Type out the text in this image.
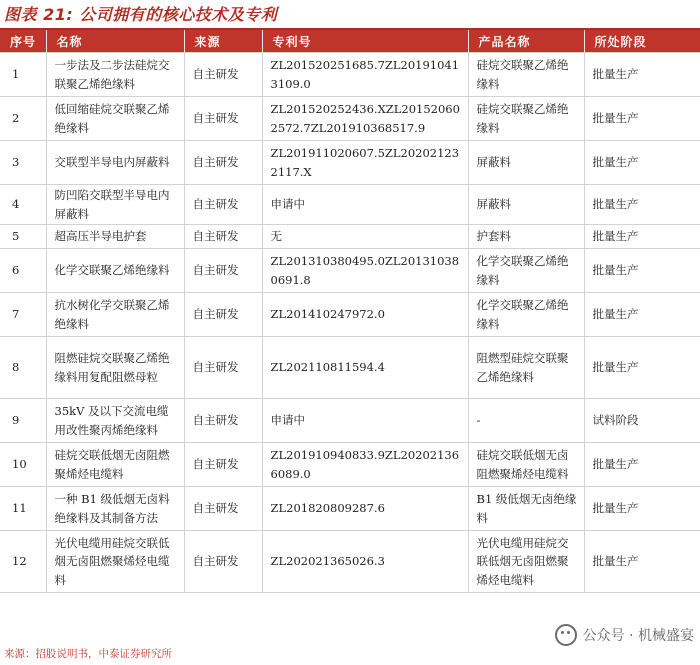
图表 21: 公司拥有的核心技术及专利
序号	名称	来源	专利号	产品名称	所处阶段
1	一步法及二步法硅烷交联聚乙烯绝缘料	自主研发	ZL201520251685.7ZL201910413109.0	硅烷交联聚乙烯绝缘料	批量生产
2	低回缩硅烷交联聚乙烯绝缘料	自主研发	ZL201520252436.XZL201520602572.7ZL201910368517.9	硅烷交联聚乙烯绝缘料	批量生产
3	交联型半导电内屏蔽料	自主研发	ZL201911020607.5ZL202021232117.X	屏蔽料	批量生产
4	防凹陷交联型半导电内屏蔽料	自主研发	申请中	屏蔽料	批量生产
5	超高压半导电护套	自主研发	无	护套料	批量生产
6	化学交联聚乙烯绝缘料	自主研发	ZL201310380495.0ZL201310380691.8	化学交联聚乙烯绝缘料	批量生产
7	抗水树化学交联聚乙烯绝缘料	自主研发	ZL201410247972.0	化学交联聚乙烯绝缘料	批量生产
8	阻燃硅烷交联聚乙烯绝缘料用复配阻燃母粒	自主研发	ZL202110811594.4	阻燃型硅烷交联聚乙烯绝缘料	批量生产
9	35kV 及以下交流电缆用改性聚丙烯绝缘料	自主研发	申请中	-	试料阶段
10	硅烷交联低烟无卤阻燃聚烯烃电缆料	自主研发	ZL201910940833.9ZL202021366089.0	硅烷交联低烟无卤阻燃聚烯烃电缆料	批量生产
11	一种 B1 级低烟无卤料绝缘料及其制备方法	自主研发	ZL201820809287.6	B1 级低烟无卤绝缘料	批量生产
12	光伏电缆用硅烷交联低烟无卤阻燃聚烯烃电缆料	自主研发	ZL202021365026.3	光伏电缆用硅烷交联低烟无卤阻燃聚烯烃电缆料	批量生产
来源：招股说明书，中泰证券研究所
公众号 · 机械盛宴
